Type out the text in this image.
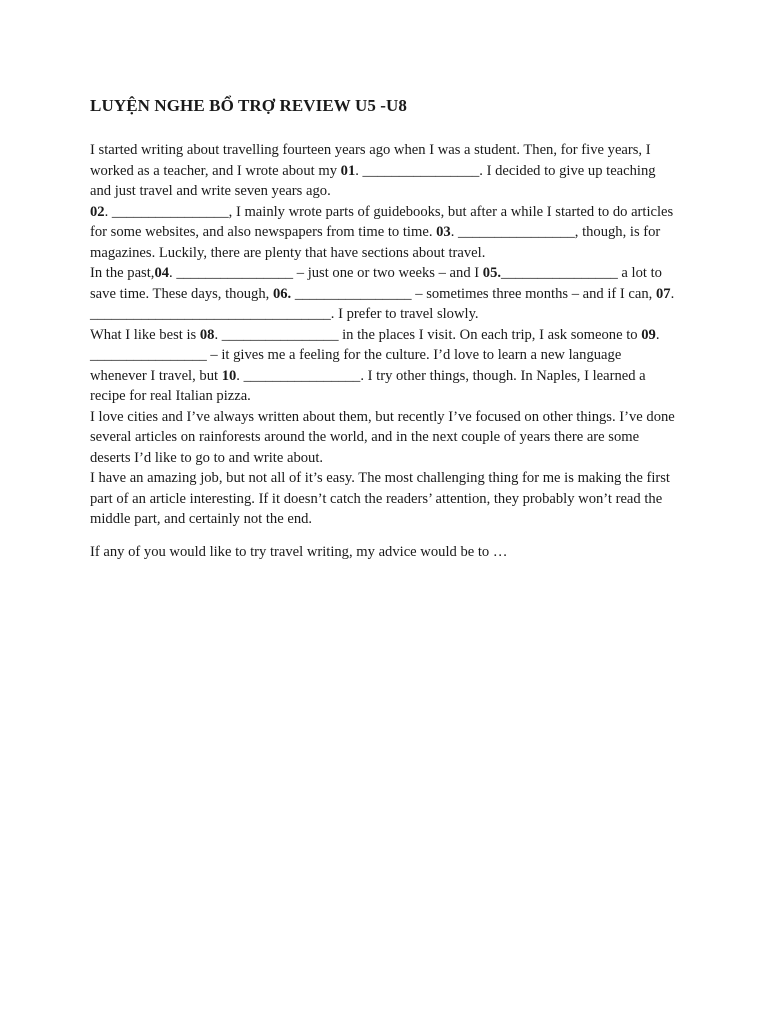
LUYỆN NGHE BỔ TRỢ REVIEW U5 -U8

I started writing about travelling fourteen years ago when I was a student. Then, for five years, I worked as a teacher, and I wrote about my 01. ________________. I decided to give up teaching and just travel and write seven years ago.

02. ________________, I mainly wrote parts of guidebooks, but after a while I started to do articles for some websites, and also newspapers from time to time. 03. ________________, though, is for magazines. Luckily, there are plenty that have sections about travel.

In the past,04. ________________ – just one or two weeks – and I 05.________________ a lot to save time. These days, though, 06. ________________ – sometimes three months – and if I can, 07. _________________________________. I prefer to travel slowly.

What I like best is 08. ________________ in the places I visit. On each trip, I ask someone to 09. ________________ – it gives me a feeling for the culture. I’d love to learn a new language whenever I travel, but 10. ________________. I try other things, though. In Naples, I learned a recipe for real Italian pizza.

I love cities and I’ve always written about them, but recently I’ve focused on other things. I’ve done several articles on rainforests around the world, and in the next couple of years there are some deserts I’d like to go to and write about.

I have an amazing job, but not all of it’s easy. The most challenging thing for me is making the first part of an article interesting. If it doesn’t catch the readers’ attention, they probably won’t read the middle part, and certainly not the end.

If any of you would like to try travel writing, my advice would be to …
